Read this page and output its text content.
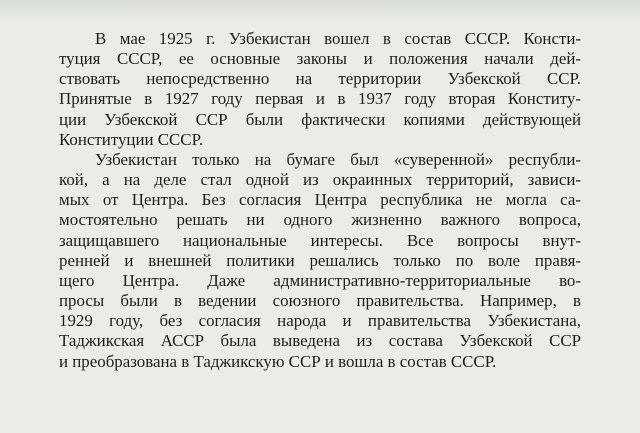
В мае 1925 г. Узбекистан вошел в состав СССР. Консти-
туция СССР, ее основные законы и положения начали дей-
ствовать непосредственно на территории Узбекской ССР.
Принятые в 1927 году первая и в 1937 году вторая Конститу-
ции Узбекской ССР были фактически копиями действующей
Конституции СССР.
Узбекистан только на бумаге был «суверенной» республи-
кой, а на деле стал одной из окраинных территорий, зависи-
мых от Центра. Без согласия Центра республика не могла са-
мостоятельно решать ни одного жизненно важного вопроса,
защищавшего национальные интересы. Все вопросы внут-
ренней и внешней политики решались только по воле правя-
щего Центра. Даже административно-территориальные во-
просы были в ведении союзного правительства. Например, в
1929 году, без согласия народа и правительства Узбекистана,
Таджикская АССР была выведена из состава Узбекской ССР
и преобразована в Таджикскую ССР и вошла в состав СССР.
